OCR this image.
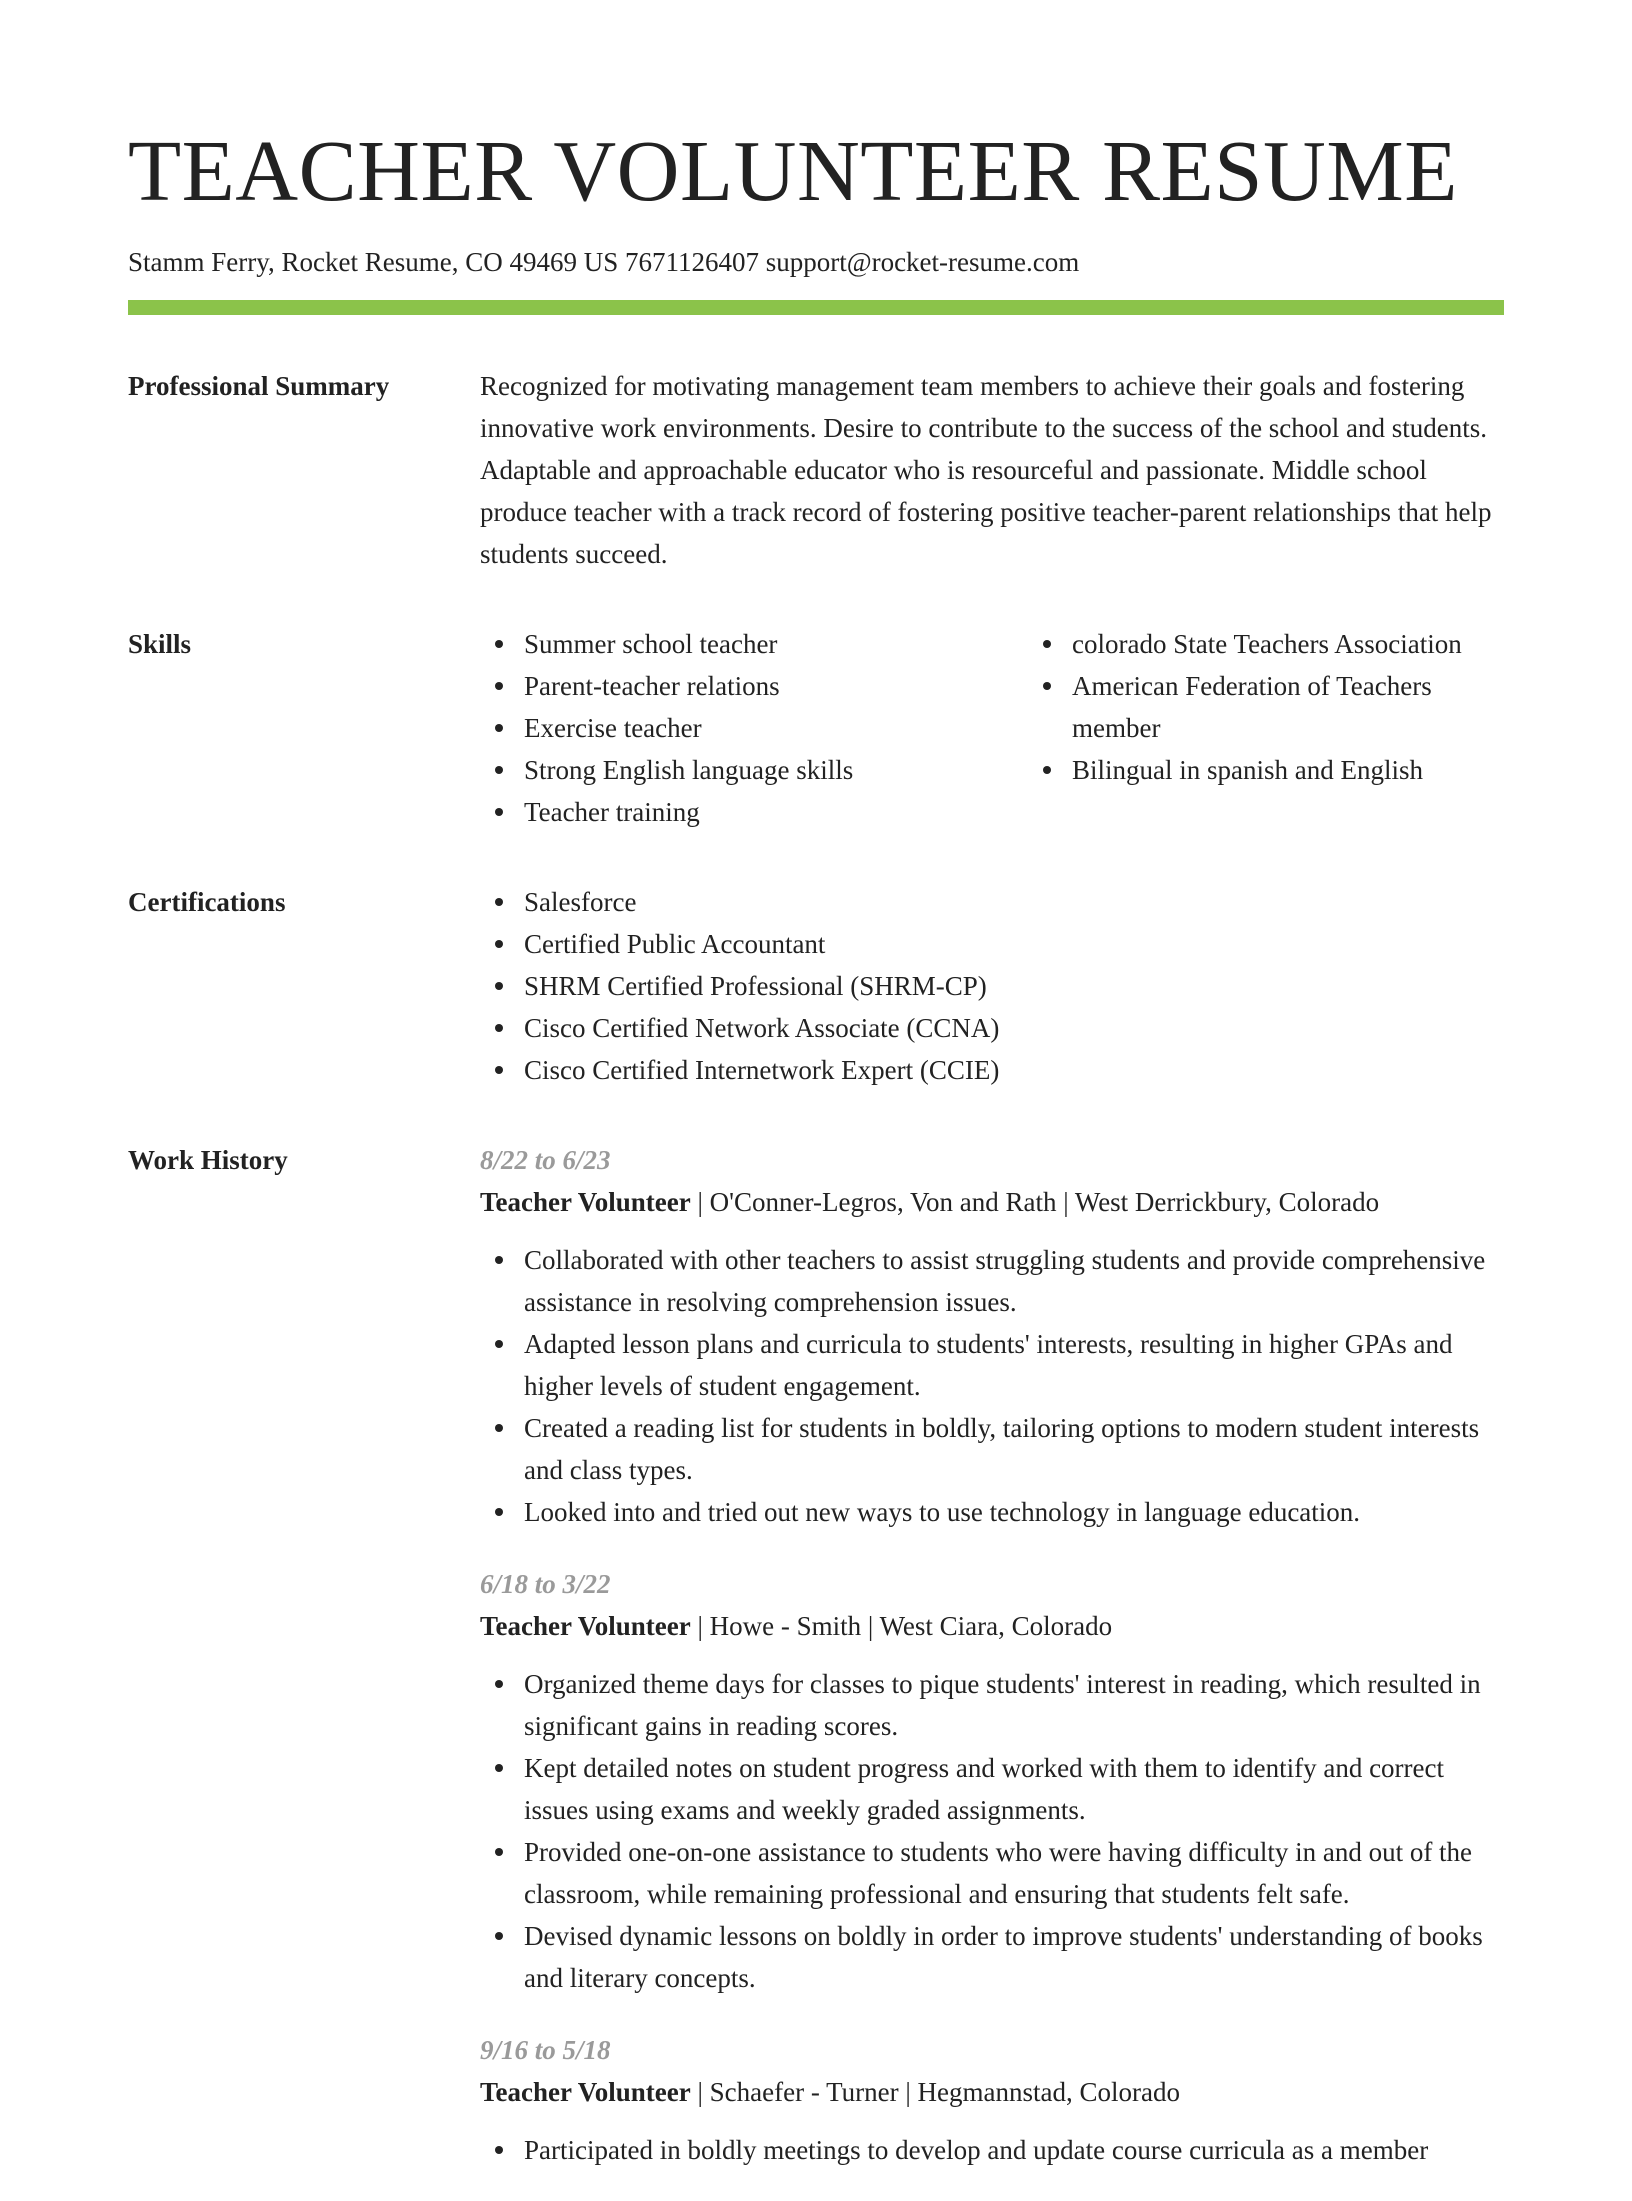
TEACHER VOLUNTEER RESUME
Stamm Ferry, Rocket Resume, CO 49469 US 7671126407 support@rocket-resume.com
Professional Summary	Recognized for motivating management team members to achieve their goals and fostering innovative work environments. Desire to contribute to the success of the school and students. Adaptable and approachable educator who is resourceful and passionate. Middle school produce teacher with a track record of fostering positive teacher-parent relationships that help students succeed.

Skills	Summer school teacher
Parent-teacher relations
Exercise teacher
Strong English language skills
Teacher training
colorado State Teachers Association
American Federation of Teachers member
Bilingual in spanish and English
Certifications	Salesforce
Certified Public Accountant
SHRM Certified Professional (SHRM-CP)
Cisco Certified Network Associate (CCNA)
Cisco Certified Internetwork Expert (CCIE)
Work History	8/22 to 6/23
Teacher Volunteer | O'Conner-Legros, Von and Rath | West Derrickbury, Colorado
Collaborated with other teachers to assist struggling students and provide comprehensive assistance in resolving comprehension issues.
Adapted lesson plans and curricula to students' interests, resulting in higher GPAs and higher levels of student engagement.
Created a reading list for students in boldly, tailoring options to modern student interests and class types.
Looked into and tried out new ways to use technology in language education.
6/18 to 3/22
Teacher Volunteer | Howe - Smith | West Ciara, Colorado
Organized theme days for classes to pique students' interest in reading, which resulted in significant gains in reading scores.
Kept detailed notes on student progress and worked with them to identify and correct issues using exams and weekly graded assignments.
Provided one-on-one assistance to students who were having difficulty in and out of the classroom, while remaining professional and ensuring that students felt safe.
Devised dynamic lessons on boldly in order to improve students' understanding of books and literary concepts.
9/16 to 5/18
Teacher Volunteer | Schaefer - Turner | Hegmannstad, Colorado
Participated in boldly meetings to develop and update course curricula as a member
